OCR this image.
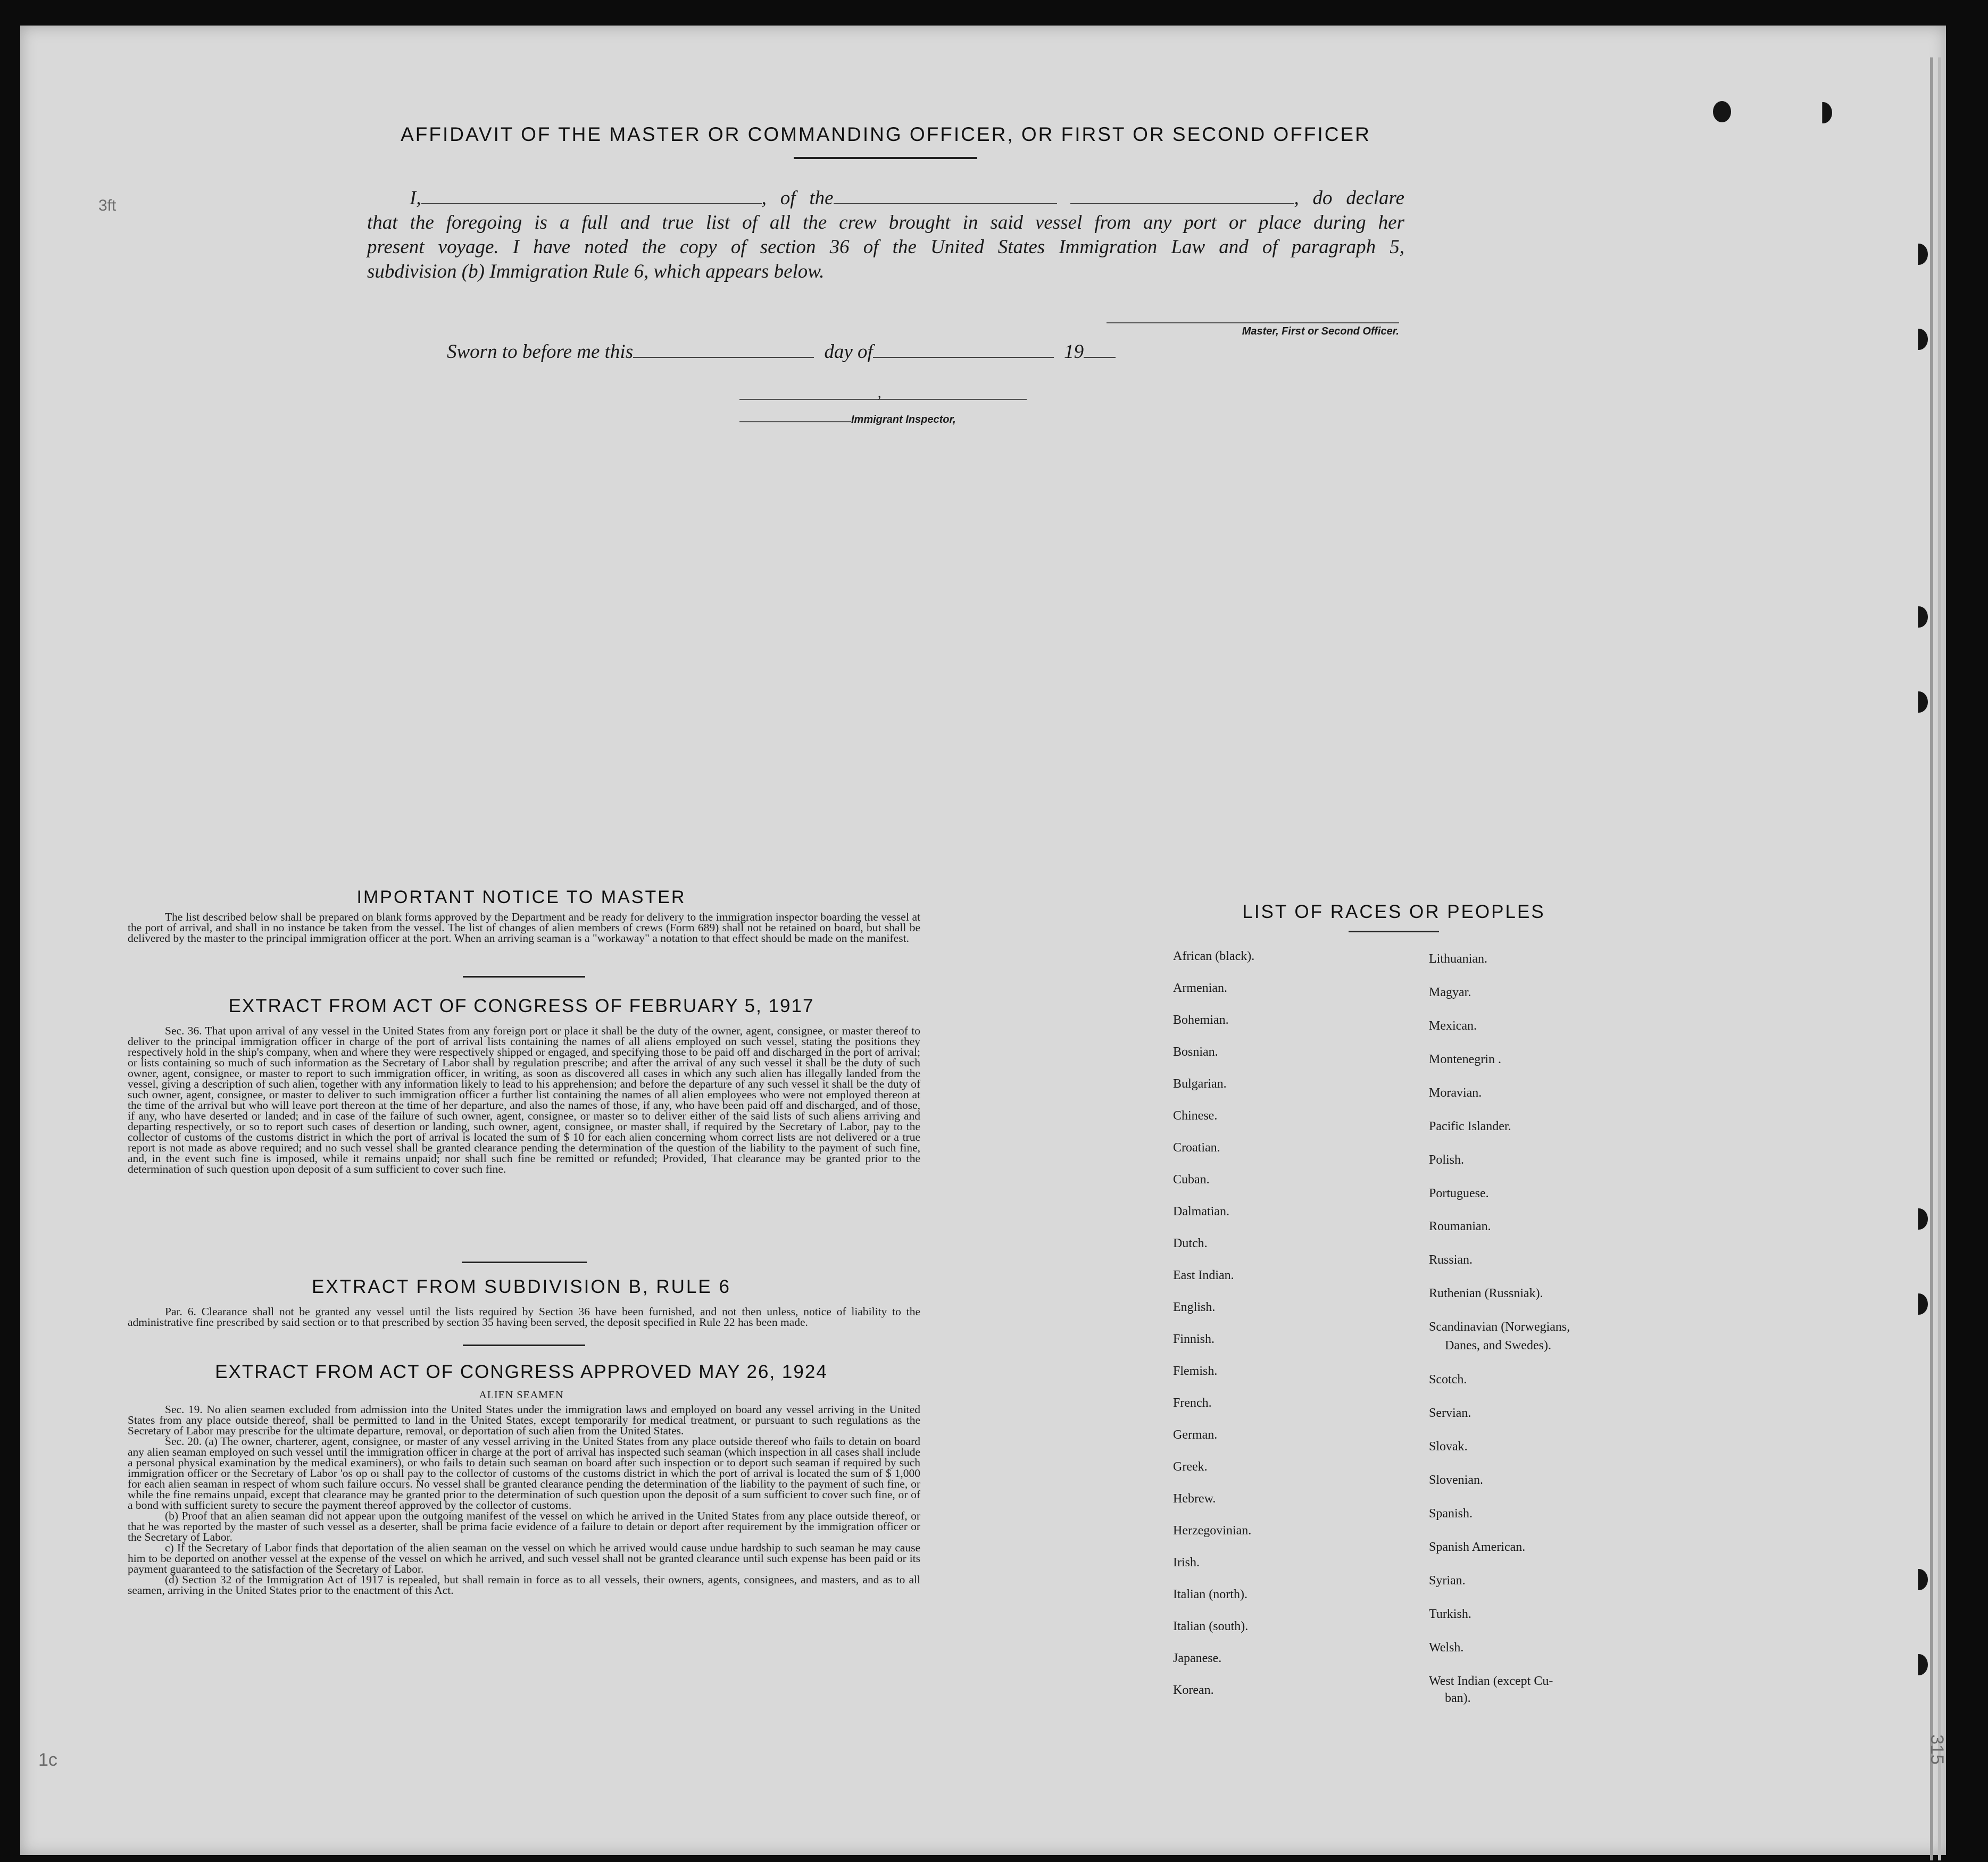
3ft
1c	315
AFFIDAVIT OF THE MASTER OR COMMANDING OFFICER, OR FIRST OR SECOND OFFICER

I,	, of the	, do declare

that the foregoing is a full and true list of all the crew brought in said vessel from any port or place during her

present voyage. I have noted the copy of section 36 of the United States Immigration Law and of paragraph 5,

subdivision (b) Immigration Rule 6, which appears below.

Master, First or Second Officer.
Sworn to before me this	day of	19
,
Immigrant Inspector,
IMPORTANT NOTICE TO MASTER

The list described below shall be prepared on blank forms approved by the Department and be ready for delivery to the immigration inspector boarding the vessel at the port of arrival, and shall in no instance be taken from the vessel. The list of changes of alien members of crews (Form 689) shall not be retained on board, but shall be delivered by the master to the principal immigration officer at the port. When an arriving seaman is a "workaway" a notation to that effect should be made on the manifest.

EXTRACT FROM ACT OF CONGRESS OF FEBRUARY 5, 1917

Sec. 36. That upon arrival of any vessel in the United States from any foreign port or place it shall be the duty of the owner, agent, consignee, or master thereof to deliver to the principal immigration officer in charge of the port of arrival lists containing the names of all aliens employed on such vessel, stating the positions they respectively hold in the ship's company, when and where they were respectively shipped or engaged, and specifying those to be paid off and discharged in the port of arrival; or lists containing so much of such information as the Secretary of Labor shall by regulation prescribe; and after the arrival of any such vessel it shall be the duty of such owner, agent, consignee, or master to report to such immigration officer, in writing, as soon as discovered all cases in which any such alien has illegally landed from the vessel, giving a description of such alien, together with any information likely to lead to his apprehension; and before the departure of any such vessel it shall be the duty of such owner, agent, consignee, or master to deliver to such immigration officer a further list containing the names of all alien employees who were not employed thereon at the time of the arrival but who will leave port thereon at the time of her departure, and also the names of those, if any, who have been paid off and discharged, and of those, if any, who have deserted or landed; and in case of the failure of such owner, agent, consignee, or master so to deliver either of the said lists of such aliens arriving and departing respectively, or so to report such cases of desertion or landing, such owner, agent, consignee, or master shall, if required by the Secretary of Labor, pay to the collector of customs of the customs district in which the port of arrival is located the sum of $ 10 for each alien concerning whom correct lists are not delivered or a true report is not made as above required; and no such vessel shall be granted clearance pending the determination of the question of the liability to the payment of such fine, and, in the event such fine is imposed, while it remains unpaid; nor shall such fine be remitted or refunded; Provided, That clearance may be granted prior to the determination of such question upon deposit of a sum sufficient to cover such fine.

EXTRACT FROM SUBDIVISION B, RULE 6

Par. 6. Clearance shall not be granted any vessel until the lists required by Section 36 have been furnished, and not then unless, notice of liability to the administrative fine prescribed by said section or to that prescribed by section 35 having been served, the deposit specified in Rule 22 has been made.

EXTRACT FROM ACT OF CONGRESS APPROVED MAY 26, 1924
ALIEN SEAMEN

Sec. 19. No alien seamen excluded from admission into the United States under the immigration laws and employed on board any vessel arriving in the United States from any place outside thereof, shall be permitted to land in the United States, except temporarily for medical treatment, or pursuant to such regulations as the Secretary of Labor may prescribe for the ultimate departure, removal, or deportation of such alien from the United States.

Sec. 20. (a) The owner, charterer, agent, consignee, or master of any vessel arriving in the United States from any place outside thereof who fails to detain on board any alien seaman employed on such vessel until the immigration officer in charge at the port of arrival has inspected such seaman (which inspection in all cases shall include a personal physical examination by the medical examiners), or who fails to detain such seaman on board after such inspection or to deport such seaman if required by such immigration officer or the Secretary of Labor 'os op oı shall pay to the collector of customs of the customs district in which the port of arrival is located the sum of $ 1,000 for each alien seaman in respect of whom such failure occurs. No vessel shall be granted clearance pending the determination of the liability to the payment of such fine, or while the fine remains unpaid, except that clearance may be granted prior to the determination of such question upon the deposit of a sum sufficient to cover such fine, or of a bond with sufficient surety to secure the payment thereof approved by the collector of customs.

(b) Proof that an alien seaman did not appear upon the outgoing manifest of the vessel on which he arrived in the United States from any place outside thereof, or that he was reported by the master of such vessel as a deserter, shall be prima facie evidence of a failure to detain or deport after requirement by the immigration officer or the Secretary of Labor.

c) If the Secretary of Labor finds that deportation of the alien seaman on the vessel on which he arrived would cause undue hardship to such seaman he may cause him to be deported on another vessel at the expense of the vessel on which he arrived, and such vessel shall not be granted clearance until such expense has been paid or its payment guaranteed to the satisfaction of the Secretary of Labor.

(d) Section 32 of the Immigration Act of 1917 is repealed, but shall remain in force as to all vessels, their owners, agents, consignees, and masters, and as to all seamen, arriving in the United States prior to the enactment of this Act.

LIST OF RACES OR PEOPLES
African (black).
Armenian.
Bohemian.
Bosnian.
Bulgarian.
Chinese.
Croatian.
Cuban.
Dalmatian.
Dutch.
East Indian.
English.
Finnish.
Flemish.
French.
German.
Greek.
Hebrew.
Herzegovinian.
Irish.
Italian (north).
Italian (south).
Japanese.
Korean.
Lithuanian.
Magyar.
Mexican.
Montenegrin .
Moravian.
Pacific Islander.
Polish.
Portuguese.
Roumanian.
Russian.
Ruthenian (Russniak).
Scandinavian (Norwegians,
Danes, and Swedes).
Scotch.
Servian.
Slovak.
Slovenian.
Spanish.
Spanish American.
Syrian.
Turkish.
Welsh.
West Indian (except Cu-
ban).
